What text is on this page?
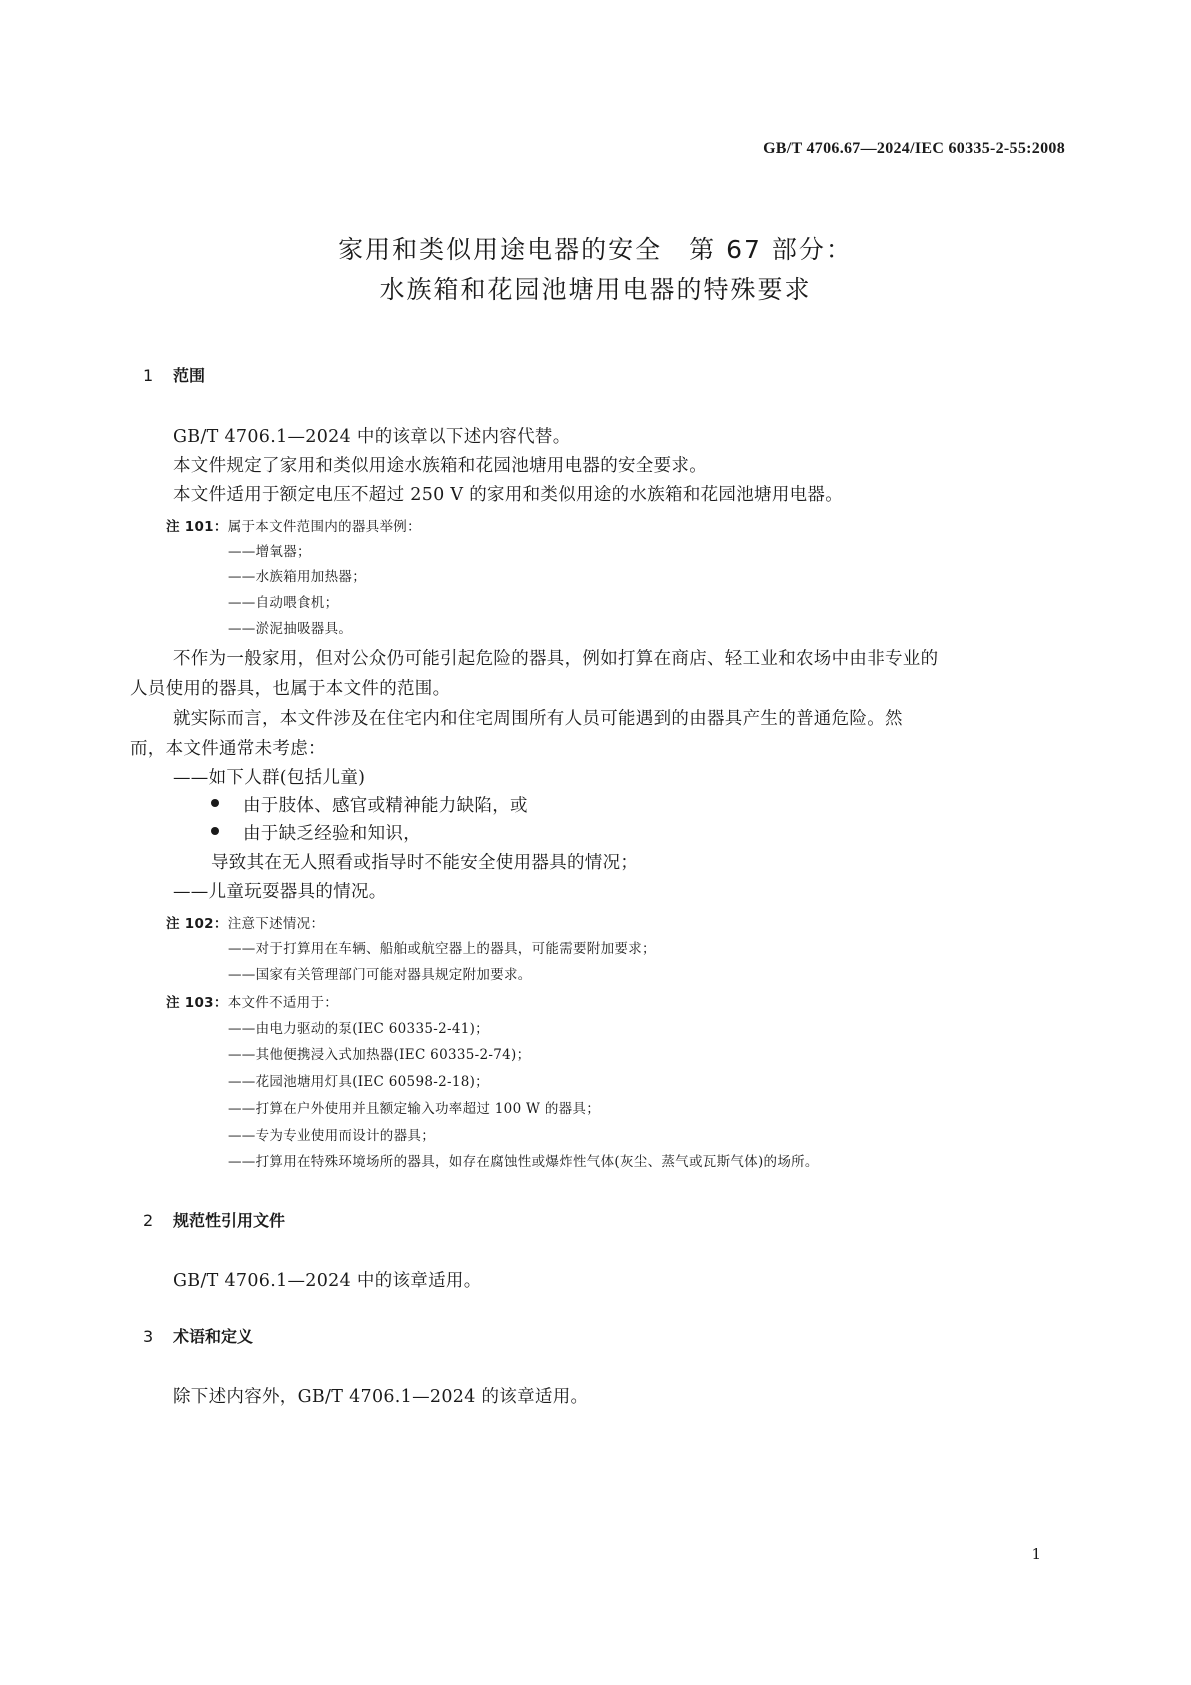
GB/T 4706.67—2024/IEC 60335-2-55:2008
家用和类似用途电器的安全　第 67 部分：
水族箱和花园池塘用电器的特殊要求
1 范围
GB/T 4706.1—2024 中的该章以下述内容代替。
本文件规定了家用和类似用途水族箱和花园池塘用电器的安全要求。
本文件适用于额定电压不超过 250 V 的家用和类似用途的水族箱和花园池塘用电器。
注 101：属于本文件范围内的器具举例：
——增氧器；
——水族箱用加热器；
——自动喂食机；
——淤泥抽吸器具。
不作为一般家用，但对公众仍可能引起危险的器具，例如打算在商店、轻工业和农场中由非专业的
人员使用的器具，也属于本文件的范围。
就实际而言，本文件涉及在住宅内和住宅周围所有人员可能遇到的由器具产生的普通危险。然
而，本文件通常未考虑：
——如下人群(包括儿童)
由于肢体、感官或精神能力缺陷，或
由于缺乏经验和知识，
导致其在无人照看或指导时不能安全使用器具的情况；
——儿童玩耍器具的情况。
注 102：注意下述情况：
——对于打算用在车辆、船舶或航空器上的器具，可能需要附加要求；
——国家有关管理部门可能对器具规定附加要求。
注 103：本文件不适用于：
——由电力驱动的泵(IEC 60335-2-41)；
——其他便携浸入式加热器(IEC 60335-2-74)；
——花园池塘用灯具(IEC 60598-2-18)；
——打算在户外使用并且额定输入功率超过 100 W 的器具；
——专为专业使用而设计的器具；
——打算用在特殊环境场所的器具，如存在腐蚀性或爆炸性气体(灰尘、蒸气或瓦斯气体)的场所。
2 规范性引用文件
GB/T 4706.1—2024 中的该章适用。
3 术语和定义
除下述内容外，GB/T 4706.1—2024 的该章适用。
1
